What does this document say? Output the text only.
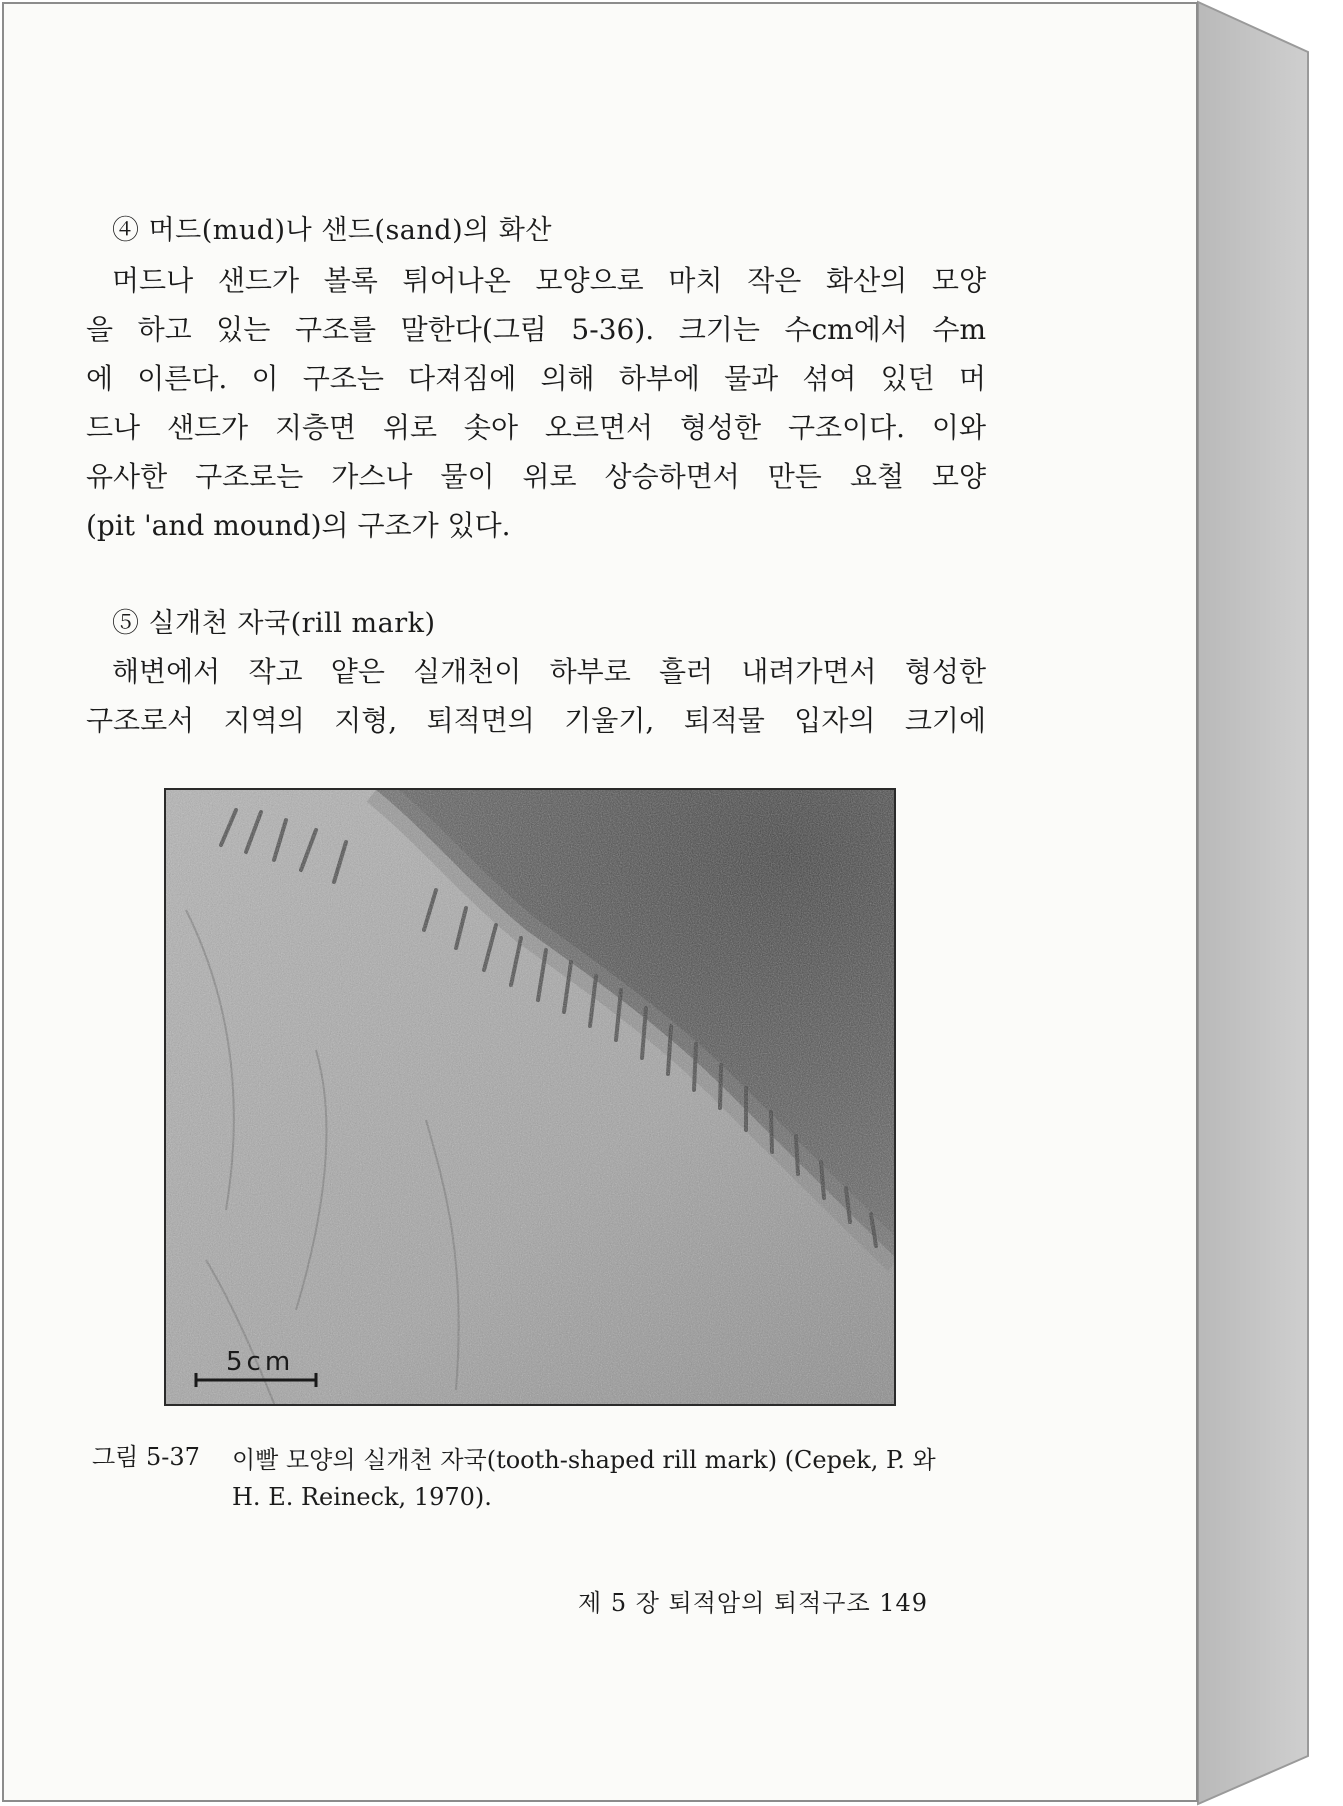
④ 머드(mud)나 샌드(sand)의 화산
머드나 샌드가 볼록 튀어나온 모양으로 마치 작은 화산의 모양
을 하고 있는 구조를 말한다(그림 5-36). 크기는 수cm에서 수m
에 이른다. 이 구조는 다져짐에 의해 하부에 물과 섞여 있던 머
드나 샌드가 지층면 위로 솟아 오르면서 형성한 구조이다. 이와
유사한 구조로는 가스나 물이 위로 상승하면서 만든 요철 모양
(pit 'and mound)의 구조가 있다.
⑤ 실개천 자국(rill mark)
해변에서 작고 얕은 실개천이 하부로 흘러 내려가면서 형성한
구조로서 지역의 지형, 퇴적면의 기울기, 퇴적물 입자의 크기에
5cm
그림 5-37 이빨 모양의 실개천 자국(tooth-shaped rill mark) (Cepek, P. 와
H. E. Reineck, 1970).
제 5 장 퇴적암의 퇴적구조 149
